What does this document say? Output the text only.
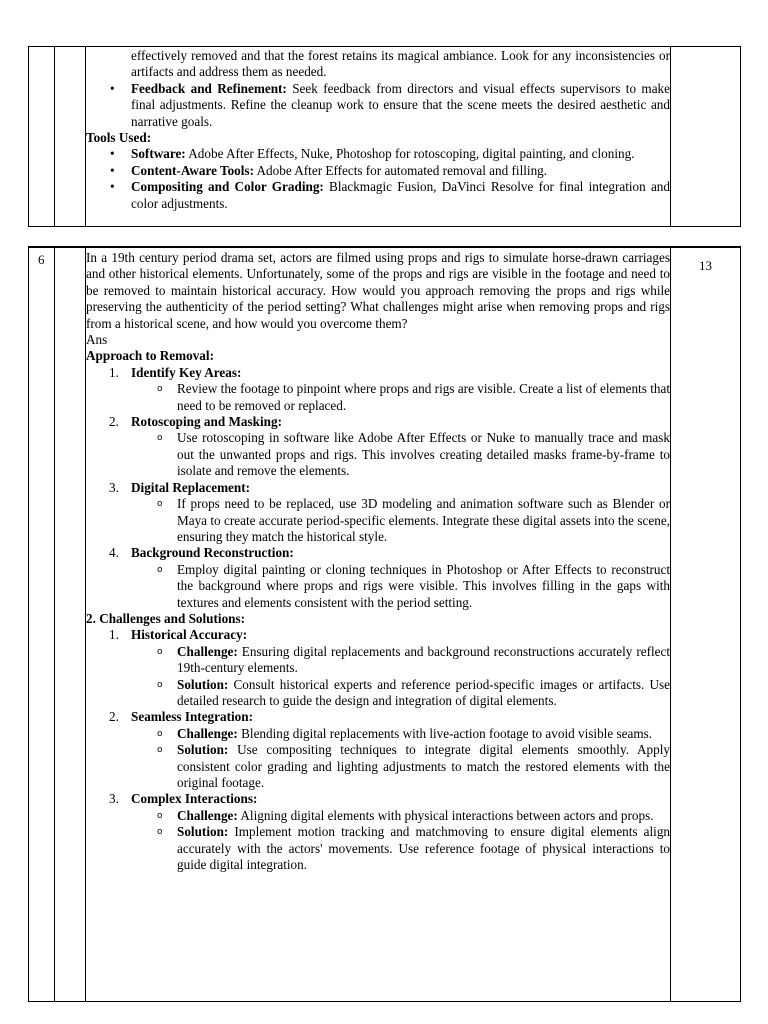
effectively removed and that the forest retains its magical ambiance. Look for any inconsistencies or artifacts and address them as needed.

• Feedback and Refinement: Seek feedback from directors and visual effects supervisors to make final adjustments. Refine the cleanup work to ensure that the scene meets the desired aesthetic and narrative goals.

Tools Used:

• Software: Adobe After Effects, Nuke, Photoshop for rotoscoping, digital painting, and cloning.
• Content-Aware Tools: Adobe After Effects for automated removal and filling.
• Compositing and Color Grading: Blackmagic Fusion, DaVinci Resolve for final integration and color adjustments.
6	13

In a 19th century period drama set, actors are filmed using props and rigs to simulate horse-drawn carriages and other historical elements. Unfortunately, some of the props and rigs are visible in the footage and need to be removed to maintain historical accuracy. How would you approach removing the props and rigs while preserving the authenticity of the period setting? What challenges might arise when removing props and rigs from a historical scene, and how would you overcome them?

Ans

Approach to Removal:

1. Identify Key Areas:
o Review the footage to pinpoint where props and rigs are visible. Create a list of elements that need to be removed or replaced.
2. Rotoscoping and Masking:
o Use rotoscoping in software like Adobe After Effects or Nuke to manually trace and mask out the unwanted props and rigs. This involves creating detailed masks frame-by-frame to isolate and remove the elements.
3. Digital Replacement:
o If props need to be replaced, use 3D modeling and animation software such as Blender or Maya to create accurate period-specific elements. Integrate these digital assets into the scene, ensuring they match the historical style.
4. Background Reconstruction:
o Employ digital painting or cloning techniques in Photoshop or After Effects to reconstruct the background where props and rigs were visible. This involves filling in the gaps with textures and elements consistent with the period setting.

2. Challenges and Solutions:

1. Historical Accuracy:
o Challenge: Ensuring digital replacements and background reconstructions accurately reflect 19th-century elements.
o Solution: Consult historical experts and reference period-specific images or artifacts. Use detailed research to guide the design and integration of digital elements.
2. Seamless Integration:
o Challenge: Blending digital replacements with live-action footage to avoid visible seams.
o Solution: Use compositing techniques to integrate digital elements smoothly. Apply consistent color grading and lighting adjustments to match the restored elements with the original footage.
3. Complex Interactions:
o Challenge: Aligning digital elements with physical interactions between actors and props.
o Solution: Implement motion tracking and matchmoving to ensure digital elements align accurately with the actors' movements. Use reference footage of physical interactions to guide digital integration.
